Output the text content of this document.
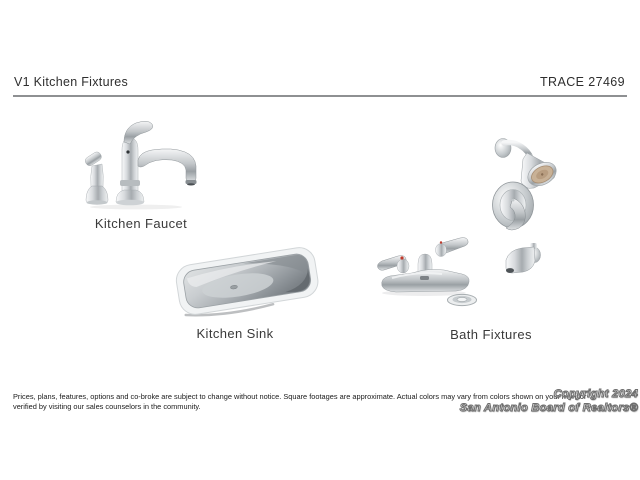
V1 Kitchen Fixtures	TRACE 27469
Kitchen Faucet
Kitchen Sink	Bath Fixtures
Prices, plans, features, options and co-broke are subject to change without notice. Square footages are approximate. Actual colors may vary from colors shown on your monitor
verified by visiting our sales counselors in the community.
Copyright 2024
San Antonio Board of Realtors®
